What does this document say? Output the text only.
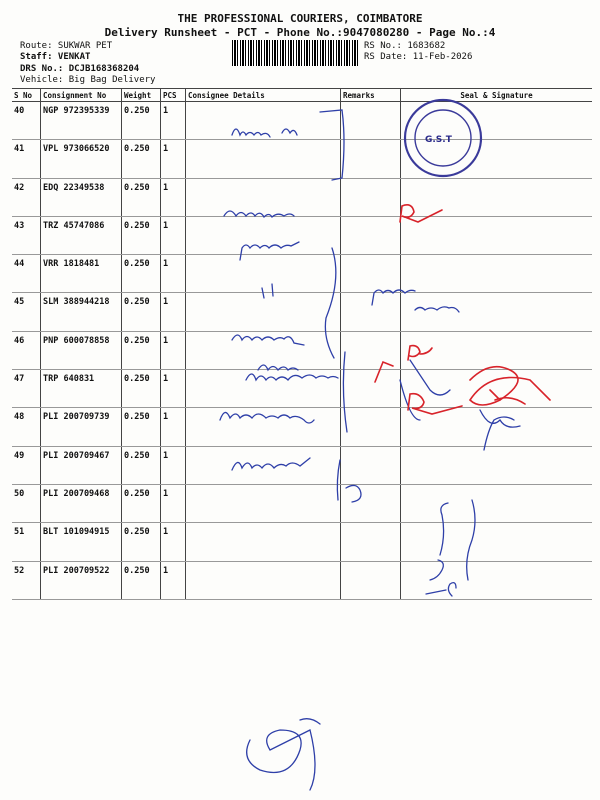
THE PROFESSIONAL COURIERS, COIMBATORE
Delivery Runsheet - PCT - Phone No.:9047080280 - Page No.:4
Route: SUKWAR PET
Staff: VENKAT
DRS No.: DCJB168368204
Vehicle: Big Bag Delivery
RS No.: 1683682
RS Date: 11-Feb-2026
S No	Consignment No	Weight	PCS	Consignee Details	Remarks	Seal & Signature
40	NGP 972395339	0.250	1			
41	VPL 973066520	0.250	1			
42	EDQ 22349538	0.250	1			
43	TRZ 45747086	0.250	1			
44	VRR 1818481	0.250	1			
45	SLM 388944218	0.250	1			
46	PNP 600078858	0.250	1			
47	TRP 640831	0.250	1			
48	PLI 200709739	0.250	1			
49	PLI 200709467	0.250	1			
50	PLI 200709468	0.250	1			
51	BLT 101094915	0.250	1			
52	PLI 200709522	0.250	1			
G.S.T
